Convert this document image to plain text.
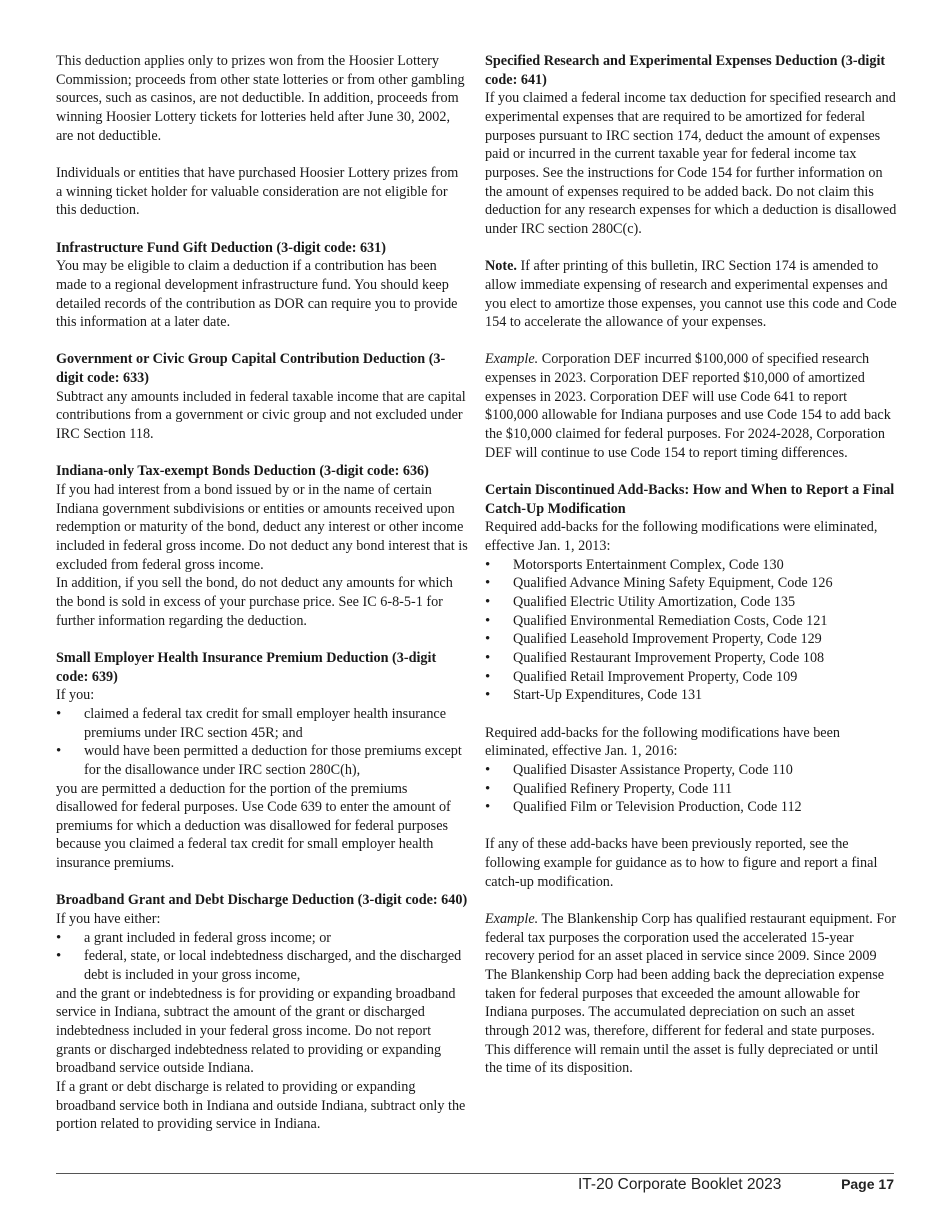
This deduction applies only to prizes won from the Hoosier Lottery Commission; proceeds from other state lotteries or from other gambling sources, such as casinos, are not deductible. In addition, proceeds from winning Hoosier Lottery tickets for lotteries held after June 30, 2002, are not deductible.

Individuals or entities that have purchased Hoosier Lottery prizes from a winning ticket holder for valuable consideration are not eligible for this deduction.

Infrastructure Fund Gift Deduction (3-digit code: 631)

You may be eligible to claim a deduction if a contribution has been made to a regional development infrastructure fund. You should keep detailed records of the contribution as DOR can require you to provide this information at a later date.

Government or Civic Group Capital Contribution Deduction (3-digit code: 633)

Subtract any amounts included in federal taxable income that are capital contributions from a government or civic group and not excluded under IRC Section 118.

Indiana-only Tax-exempt Bonds Deduction (3-digit code: 636)

If you had interest from a bond issued by or in the name of certain Indiana government subdivisions or entities or amounts received upon redemption or maturity of the bond, deduct any interest or other income included in federal gross income. Do not deduct any bond interest that is excluded from federal gross income.

In addition, if you sell the bond, do not deduct any amounts for which the bond is sold in excess of your purchase price. See IC 6-8-5-1 for further information regarding the deduction.

Small Employer Health Insurance Premium Deduction (3-digit code: 639)

If you:

• claimed a federal tax credit for small employer health insurance premiums under IRC section 45R; and
• would have been permitted a deduction for those premiums except for the disallowance under IRC section 280C(h),

you are permitted a deduction for the portion of the premiums disallowed for federal purposes. Use Code 639 to enter the amount of premiums for which a deduction was disallowed for federal purposes because you claimed a federal tax credit for small employer health insurance premiums.

Broadband Grant and Debt Discharge Deduction (3-digit code: 640)

If you have either:

• a grant included in federal gross income; or
• federal, state, or local indebtedness discharged, and the discharged debt is included in your gross income,

and the grant or indebtedness is for providing or expanding broadband service in Indiana, subtract the amount of the grant or discharged indebtedness included in your federal gross income. Do not report grants or discharged indebtedness related to providing or expanding broadband service outside Indiana.

If a grant or debt discharge is related to providing or expanding broadband service both in Indiana and outside Indiana, subtract only the portion related to providing service in Indiana.

Specified Research and Experimental Expenses Deduction (3-digit code: 641)

If you claimed a federal income tax deduction for specified research and experimental expenses that are required to be amortized for federal purposes pursuant to IRC section 174, deduct the amount of expenses paid or incurred in the current taxable year for federal income tax purposes. See the instructions for Code 154 for further information on the amount of expenses required to be added back. Do not claim this deduction for any research expenses for which a deduction is disallowed under IRC section 280C(c).

Note. If after printing of this bulletin, IRC Section 174 is amended to allow immediate expensing of research and experimental expenses and you elect to amortize those expenses, you cannot use this code and Code 154 to accelerate the allowance of your expenses.

Example. Corporation DEF incurred $100,000 of specified research expenses in 2023. Corporation DEF reported $10,000 of amortized expenses in 2023. Corporation DEF will use Code 641 to report $100,000 allowable for Indiana purposes and use Code 154 to add back the $10,000 claimed for federal purposes. For 2024-2028, Corporation DEF will continue to use Code 154 to report timing differences.

Certain Discontinued Add-Backs: How and When to Report a Final Catch-Up Modification

Required add-backs for the following modifications were eliminated, effective Jan. 1, 2013:

• Motorsports Entertainment Complex, Code 130
• Qualified Advance Mining Safety Equipment, Code 126
• Qualified Electric Utility Amortization, Code 135
• Qualified Environmental Remediation Costs, Code 121
• Qualified Leasehold Improvement Property, Code 129
• Qualified Restaurant Improvement Property, Code 108
• Qualified Retail Improvement Property, Code 109
• Start-Up Expenditures, Code 131

Required add-backs for the following modifications have been eliminated, effective Jan. 1, 2016:

• Qualified Disaster Assistance Property, Code 110
• Qualified Refinery Property, Code 111
• Qualified Film or Television Production, Code 112

If any of these add-backs have been previously reported, see the following example for guidance as to how to figure and report a final catch-up modification.

Example. The Blankenship Corp has qualified restaurant equipment. For federal tax purposes the corporation used the accelerated 15-year recovery period for an asset placed in service since 2009. Since 2009 The Blankenship Corp had been adding back the depreciation expense taken for federal purposes that exceeded the amount allowable for Indiana purposes. The accumulated depreciation on such an asset through 2012 was, therefore, different for federal and state purposes. This difference will remain until the asset is fully depreciated or until the time of its disposition.

IT-20 Corporate Booklet 2023	Page 17
